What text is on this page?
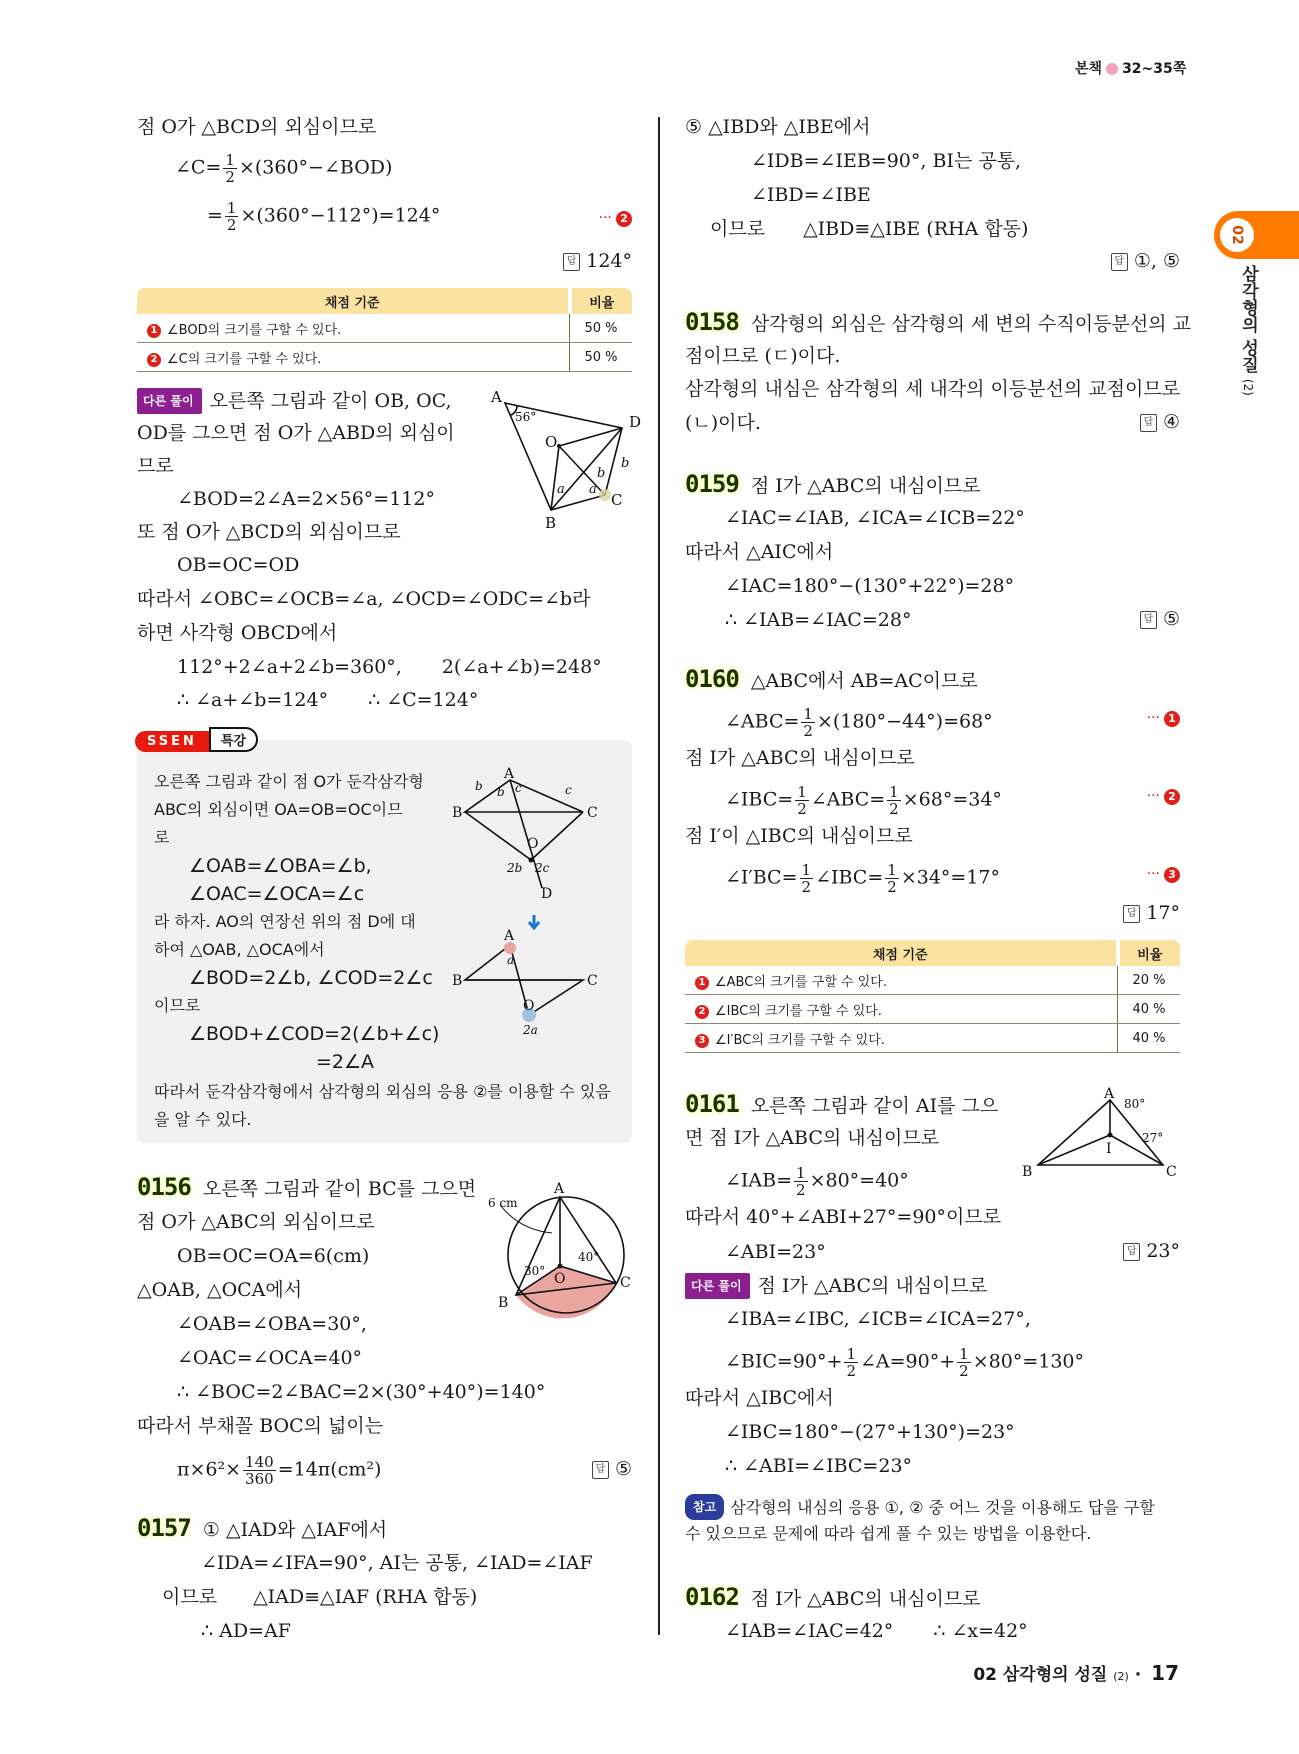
본책 32~35쪽
02
삼각형의 성질 (2)
점 O가 △BCD의 외심이므로
∠C= $\frac{1}{2}$ ×(360°−∠BOD)
= $\frac{1}{2} \times(360^\circ-112^\circ)=124^\circ$	··· 2
답 124°
채점 기준	비율
1 ∠BOD의 크기를 구할 수 있다.	50 %
2 ∠C의 크기를 구할 수 있다.	50 %
다른 풀이 오른쪽 그림과 같이 OB, OC,
OD를 그으면 점 O가 △ABD의 외심이
므로
∠BOD=2∠A=2×56°=112°
또 점 O가 △BCD의 외심이므로
OB=OC=OD
따라서 ∠OBC=∠OCB=∠a, ∠OCD=∠ODC=∠b라
하면 사각형 OBCD에서
112°+2∠a+2∠b=360°, 2(∠a+∠b)=248°
∴ ∠a+∠b=124° ∴ ∠C=124°
A
D
O
C
B
56°
a a
b
b
SSEN 특강
오른쪽 그림과 같이 점 O가 둔각삼각형
ABC의 외심이면 OA=OB=OC이므
로
∠OAB=∠OBA=∠b,
∠OAC=∠OCA=∠c
라 하자. AO의 연장선 위의 점 D에 대
하여 △OAB, △OCA에서
∠BOD=2∠b, ∠COD=2∠c
이므로
∠BOD+∠COD=2(∠b+∠c)
=2∠A
따라서 둔각삼각형에서 삼각형의 외심의 응용 ②를 이용할 수 있음
을 알 수 있다.
A
B	C
O
D
A
B	C
O
b b c	c
2b 2c
a
2a
0156 오른쪽 그림과 같이 BC를 그으면
점 O가 △ABC의 외심이므로
OB=OC=OA=6(cm)
△OAB, △OCA에서
∠OAB=∠OBA=30°,
∠OAC=∠OCA=40°
∴ ∠BOC=2∠BAC=2×(30°+40°)=140°
따라서 부채꼴 BOC의 넓이는
$\pi\times 6^2\times \frac{140}{360} =14\pi(cm^2)$	답 ⑤
A
B
C
O
6 cm
30°
40°
0157 ① △IAD와 △IAF에서
∠IDA=∠IFA=90°, AI는 공통, ∠IAD=∠IAF
이므로 △IAD≡△IAF (RHA 합동)
∴ AD=AF
⑤ △IBD와 △IBE에서
∠IDB=∠IEB=90°, BI는 공통,
∠IBD=∠IBE
이므로 △IBD≡△IBE (RHA 합동)
답 ①, ⑤
0158 삼각형의 외심은 삼각형의 세 변의 수직이등분선의 교
점이므로 (ㄷ)이다.
삼각형의 내심은 삼각형의 세 내각의 이등분선의 교점이므로
(ㄴ)이다.	답 ④
0159 점 I가 △ABC의 내심이므로
∠IAC=∠IAB, ∠ICA=∠ICB=22°
따라서 △AIC에서
∠IAC=180°−(130°+22°)=28°
∴ ∠IAB=∠IAC=28°	답 ⑤
0160 △ABC에서 AB=AC이므로
∠ABC= $\frac{1}{2} \times(180^\circ-44^\circ)=68^\circ$	··· 1
점 I가 △ABC의 내심이므로
∠IBC= $\frac{1}{2}$ ∠ABC= $\frac{1}{2} \times 68^\circ=34^\circ$	··· 2
점 I′이 △IBC의 내심이므로
∠I′BC= $\frac{1}{2}$ ∠IBC= $\frac{1}{2} \times 34^\circ=17^\circ$	··· 3
답 17°
채점 기준	비율
1 ∠ABC의 크기를 구할 수 있다.	20 %
2 ∠IBC의 크기를 구할 수 있다.	40 %
3 ∠I′BC의 크기를 구할 수 있다.	40 %
0161 오른쪽 그림과 같이 AI를 그으
면 점 I가 △ABC의 내심이므로
∠IAB= $\frac{1}{2} \times 80^\circ=40^\circ$
따라서 40°+∠ABI+27°=90°이므로
∠ABI=23°	답 23°
다른 풀이 점 I가 △ABC의 내심이므로
∠IBA=∠IBC, ∠ICB=∠ICA=27°,
∠BIC=90°+ $\frac{1}{2}$ ∠A=90°+ $\frac{1}{2} \times 80^\circ=130^\circ$
따라서 △IBC에서
∠IBC=180°−(27°+130°)=23°
∴ ∠ABI=∠IBC=23°
참고 삼각형의 내심의 응용 ①, ② 중 어느 것을 이용해도 답을 구할
수 있으므로 문제에 따라 쉽게 풀 수 있는 방법을 이용한다.
0162 점 I가 △ABC의 내심이므로
∠IAB=∠IAC=42° ∴ ∠x=42°
A
B	C
I
80°
27°
02 삼각형의 성질 (2) · 17
